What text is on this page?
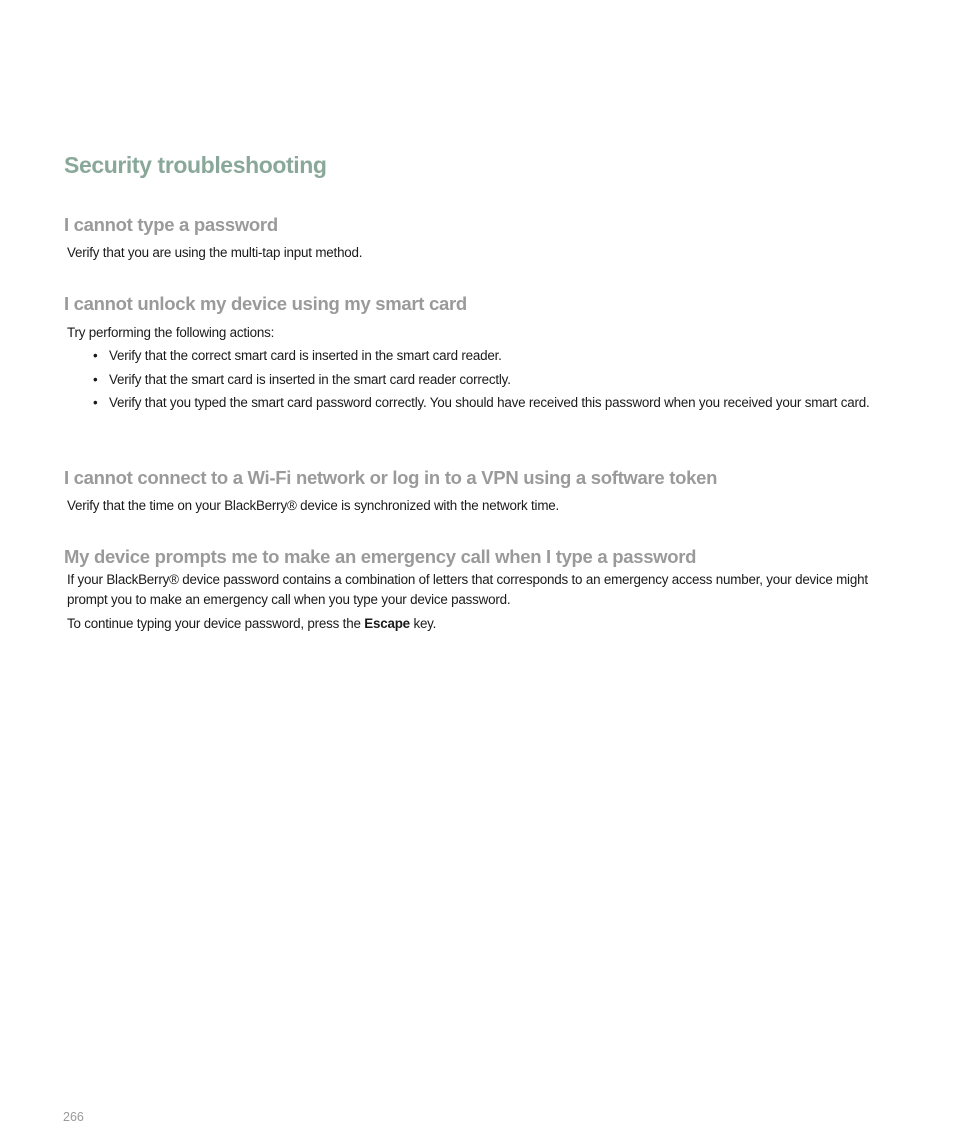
Security troubleshooting
I cannot type a password

Verify that you are using the multi-tap input method.

I cannot unlock my device using my smart card

Try performing the following actions:

• Verify that the correct smart card is inserted in the smart card reader.
• Verify that the smart card is inserted in the smart card reader correctly.
• Verify that you typed the smart card password correctly. You should have received this password when you received your smart card.
I cannot connect to a Wi-Fi network or log in to a VPN using a software token

Verify that the time on your BlackBerry® device is synchronized with the network time.

My device prompts me to make an emergency call when I type a password

If your BlackBerry® device password contains a combination of letters that corresponds to an emergency access number, your device might prompt you to make an emergency call when you type your device password.

To continue typing your device password, press the Escape key.

266
